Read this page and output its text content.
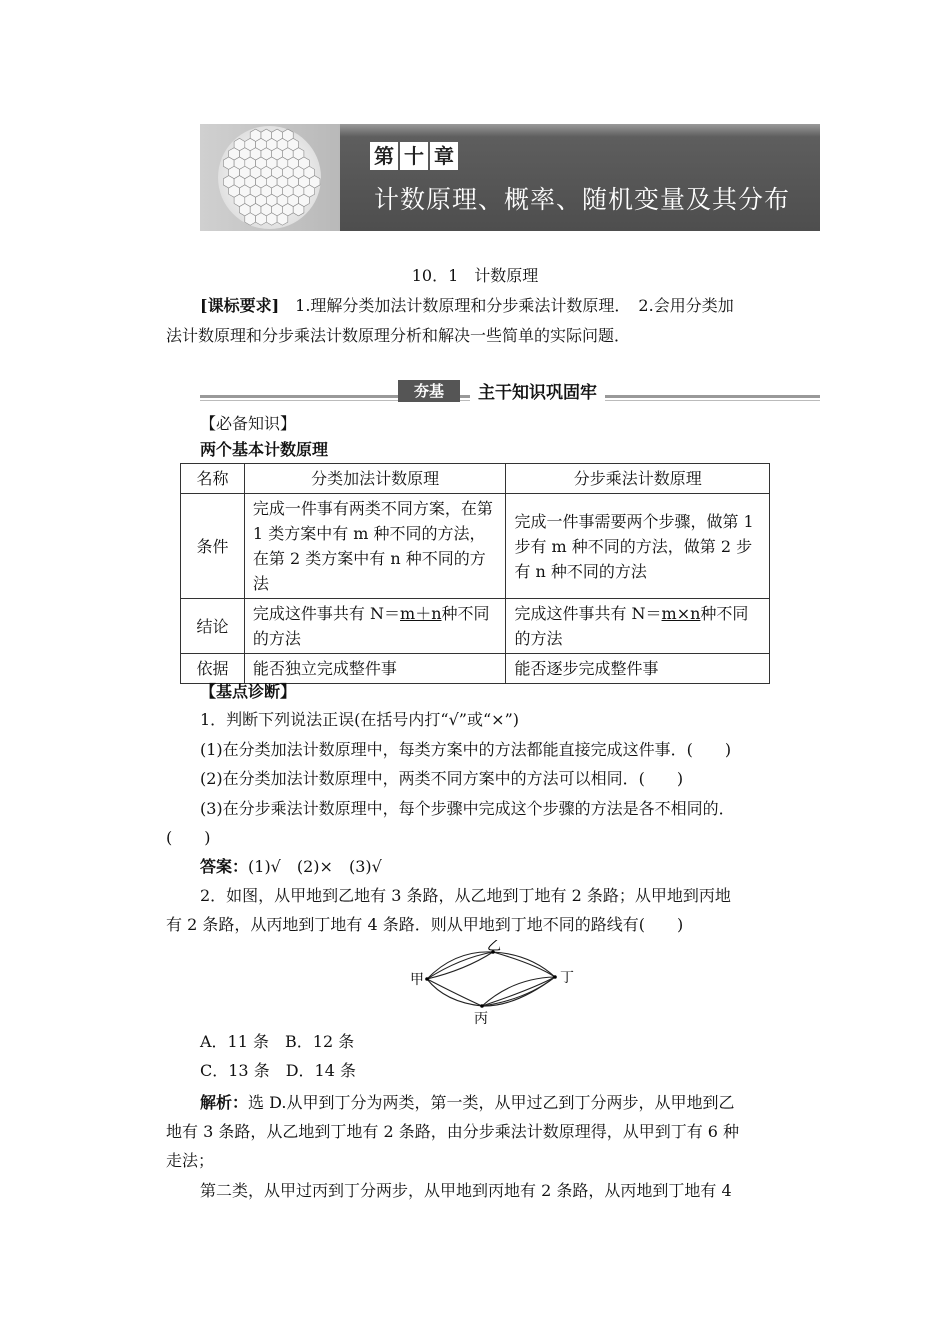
第 十 章
计数原理、概率、随机变量及其分布
10．1　计数原理
[课标要求]　1.理解分类加法计数原理和分步乘法计数原理．　2.会用分类加
法计数原理和分步乘法计数原理分析和解决一些简单的实际问题．
夯基	主干知识巩固牢
【必备知识】
两个基本计数原理
名称	分类加法计数原理	分步乘法计数原理
条件	完成一件事有两类不同方案，在第 1 类方案中有 m 种不同的方法，在第 2 类方案中有 n 种不同的方法	完成一件事需要两个步骤，做第 1 步有 m 种不同的方法，做第 2 步有 n 种不同的方法
结论	完成这件事共有 N＝m＋n种不同的方法	完成这件事共有 N＝m×n种不同的方法
依据	能否独立完成整件事	能否逐步完成整件事
【基点诊断】
1．判断下列说法正误(在括号内打“√”或“×”)
(1)在分类加法计数原理中，每类方案中的方法都能直接完成这件事．(　　)
(2)在分类加法计数原理中，两类不同方案中的方法可以相同．(　　)
(3)在分步乘法计数原理中，每个步骤中完成这个步骤的方法是各不相同的．
(　　)
答案：(1)√　(2)×　(3)√
2．如图，从甲地到乙地有 3 条路，从乙地到丁地有 2 条路；从甲地到丙地
有 2 条路，从丙地到丁地有 4 条路．则从甲地到丁地不同的路线有(　　)
甲
乙
丙
丁
A．11 条　B．12 条
C．13 条　D．14 条
解析：选 D.从甲到丁分为两类，第一类，从甲过乙到丁分两步，从甲地到乙
地有 3 条路，从乙地到丁地有 2 条路，由分步乘法计数原理得，从甲到丁有 6 种
走法；
第二类，从甲过丙到丁分两步，从甲地到丙地有 2 条路，从丙地到丁地有 4
